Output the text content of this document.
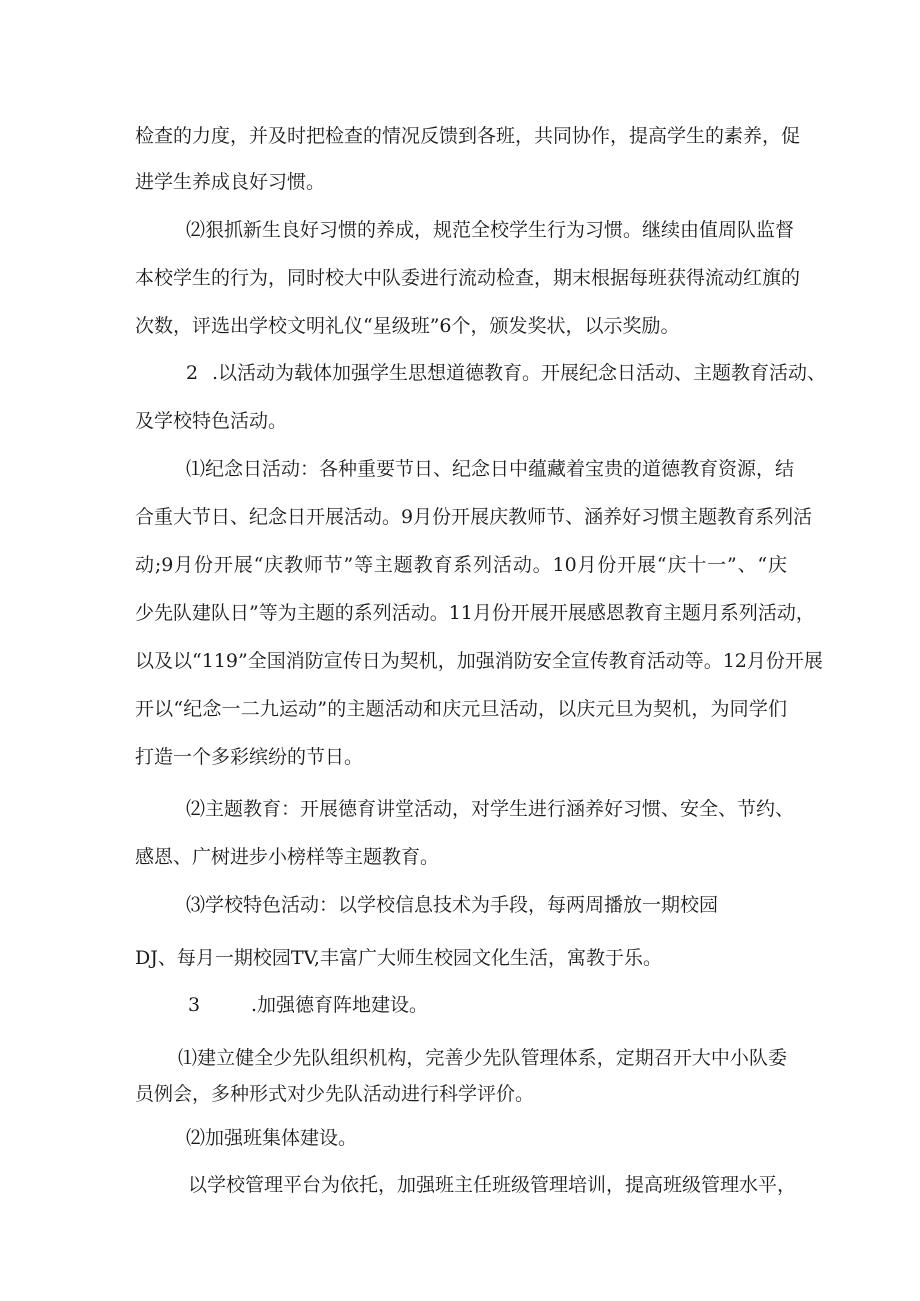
检查的力度，并及时把检查的情况反馈到各班，共同协作，提高学生的素养，促
进学生养成良好习惯。
⑵狠抓新生良好习惯的养成，规范全校学生行为习惯。继续由值周队监督
本校学生的行为，同时校大中队委进行流动检查，期末根据每班获得流动红旗的
次数，评选出学校文明礼仪“星级班”6个，颁发奖状，以示奖励。
2 .以活动为载体加强学生思想道德教育。开展纪念日活动、主题教育活动、
及学校特色活动。
⑴纪念日活动：各种重要节日、纪念日中蕴藏着宝贵的道德教育资源，结
合重大节日、纪念日开展活动。9月份开展庆教师节、涵养好习惯主题教育系列活
动;9月份开展“庆教师节”等主题教育系列活动。10月份开展“庆十一”、“庆
少先队建队日”等为主题的系列活动。11月份开展开展感恩教育主题月系列活动，
以及以“119”全国消防宣传日为契机，加强消防安全宣传教育活动等。12月份开展
开以“纪念一二九运动”的主题活动和庆元旦活动，以庆元旦为契机，为同学们
打造一个多彩缤纷的节日。
⑵主题教育：开展德育讲堂活动，对学生进行涵养好习惯、安全、节约、
感恩、广树进步小榜样等主题教育。
⑶学校特色活动：以学校信息技术为手段，每两周播放一期校园
DJ、每月一期校园TV,丰富广大师生校园文化生活，寓教于乐。
3	.加强德育阵地建设。
⑴建立健全少先队组织机构，完善少先队管理体系，定期召开大中小队委
员例会，多种形式对少先队活动进行科学评价。
⑵加强班集体建设。
以学校管理平台为依托，加强班主任班级管理培训，提高班级管理水平，
